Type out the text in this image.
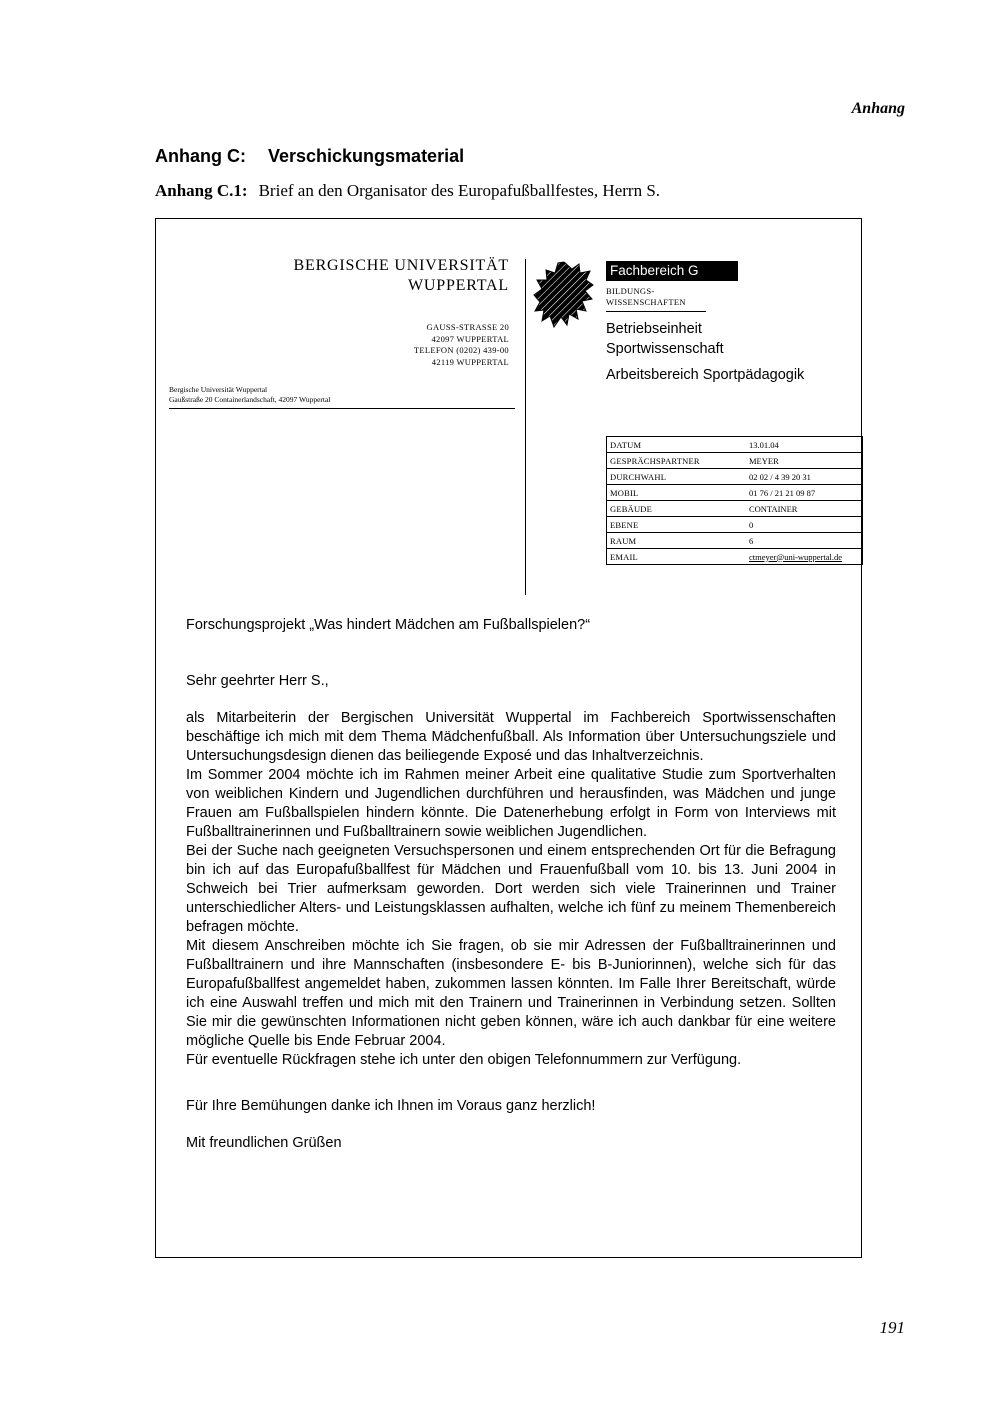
Anhang
Anhang C: Verschickungsmaterial
Anhang C.1: Brief an den Organisator des Europafußballfestes, Herrn S.
BERGISCHE UNIVERSITÄT
WUPPERTAL
GAUSS-STRASSE 20
42097 WUPPERTAL
TELEFON (0202) 439-00
42119 WUPPERTAL
Bergische Universität Wuppertal
Gaußstraße 20 Containerlandschaft, 42097 Wuppertal
Fachbereich G
BILDUNGS-
WISSENSCHAFTEN
Betriebseinheit
Sportwissenschaft
Arbeitsbereich Sportpädagogik
DATUM	13.01.04
GESPRÄCHSPARTNER	MEYER
DURCHWAHL	02 02 / 4 39 20 31
MOBIL	01 76 / 21 21 09 87
GEBÄUDE	CONTAINER
EBENE	0
RAUM	6
EMAIL	ctmeyer@uni-wuppertal.de

Forschungsprojekt „Was hindert Mädchen am Fußballspielen?“

Sehr geehrter Herr S.,

als Mitarbeiterin der Bergischen Universität Wuppertal im Fachbereich Sportwissenschaften beschäftige ich mich mit dem Thema Mädchenfußball. Als Information über Untersuchungsziele und Untersuchungsdesign dienen das beiliegende Exposé und das Inhaltverzeichnis.

Im Sommer 2004 möchte ich im Rahmen meiner Arbeit eine qualitative Studie zum Sportverhalten von weiblichen Kindern und Jugendlichen durchführen und herausfinden, was Mädchen und junge Frauen am Fußballspielen hindern könnte. Die Datenerhebung erfolgt in Form von Interviews mit Fußballtrainerinnen und Fußballtrainern sowie weiblichen Jugendlichen.

Bei der Suche nach geeigneten Versuchspersonen und einem entsprechenden Ort für die Befragung bin ich auf das Europafußballfest für Mädchen und Frauenfußball vom 10. bis 13. Juni 2004 in Schweich bei Trier aufmerksam geworden. Dort werden sich viele Trainerinnen und Trainer unterschiedlicher Alters- und Leistungsklassen aufhalten, welche ich fünf zu meinem Themenbereich befragen möchte.

Mit diesem Anschreiben möchte ich Sie fragen, ob sie mir Adressen der Fußballtrainerinnen und Fußballtrainern und ihre Mannschaften (insbesondere E- bis B-Juniorinnen), welche sich für das Europafußballfest angemeldet haben, zukommen lassen könnten. Im Falle Ihrer Bereitschaft, würde ich eine Auswahl treffen und mich mit den Trainern und Trainerinnen in Verbindung setzen. Sollten Sie mir die gewünschten Informationen nicht geben können, wäre ich auch dankbar für eine weitere mögliche Quelle bis Ende Februar 2004.

Für eventuelle Rückfragen stehe ich unter den obigen Telefonnummern zur Verfügung.

Für Ihre Bemühungen danke ich Ihnen im Voraus ganz herzlich!

Mit freundlichen Grüßen

191
